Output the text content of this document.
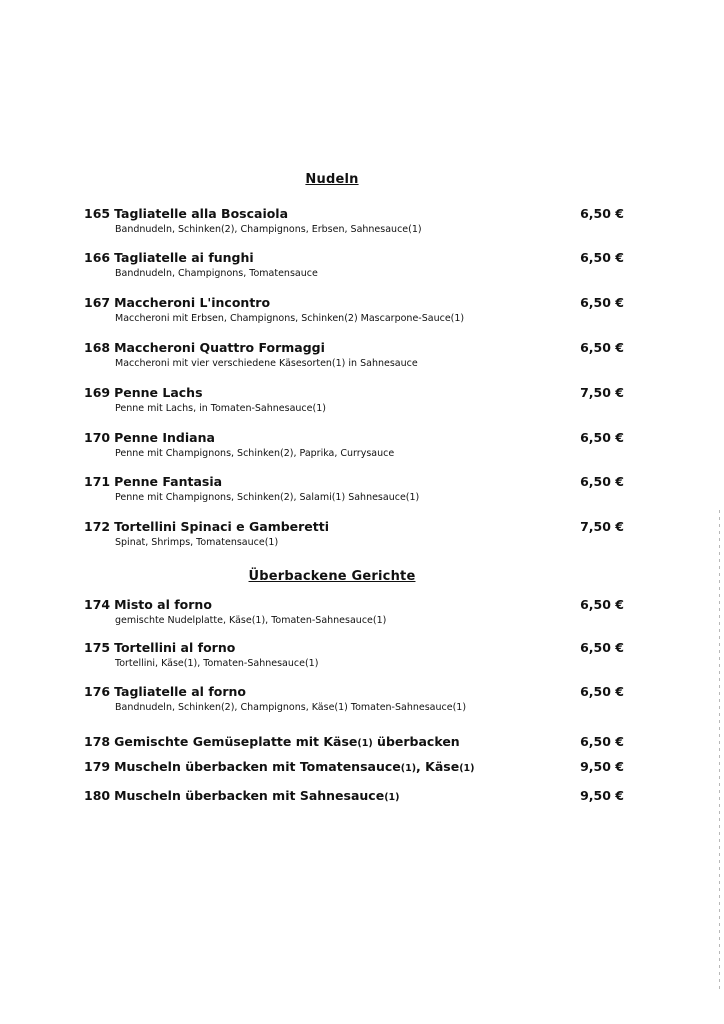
Nudeln
165 Tagliatelle alla Boscaiola	6,50 €
Bandnudeln, Schinken(2), Champignons, Erbsen, Sahnesauce(1)
166 Tagliatelle ai funghi	6,50 €
Bandnudeln, Champignons, Tomatensauce
167 Maccheroni L'incontro	6,50 €
Maccheroni mit Erbsen, Champignons, Schinken(2) Mascarpone-Sauce(1)
168 Maccheroni Quattro Formaggi	6,50 €
Maccheroni mit vier verschiedene Käsesorten(1) in Sahnesauce
169 Penne Lachs	7,50 €
Penne mit Lachs, in Tomaten-Sahnesauce(1)
170 Penne Indiana	6,50 €
Penne mit Champignons, Schinken(2), Paprika, Currysauce
171 Penne Fantasia	6,50 €
Penne mit Champignons, Schinken(2), Salami(1) Sahnesauce(1)
172 Tortellini Spinaci e Gamberetti	7,50 €
Spinat, Shrimps, Tomatensauce(1)
Überbackene Gerichte
174 Misto al forno	6,50 €
gemischte Nudelplatte, Käse(1), Tomaten-Sahnesauce(1)
175 Tortellini al forno	6,50 €
Tortellini, Käse(1), Tomaten-Sahnesauce(1)
176 Tagliatelle al forno	6,50 €
Bandnudeln, Schinken(2), Champignons, Käse(1) Tomaten-Sahnesauce(1)
178 Gemischte Gemüseplatte mit Käse(1) überbacken	6,50 €
179 Muscheln überbacken mit Tomatensauce(1), Käse(1)	9,50 €
180 Muscheln überbacken mit Sahnesauce(1)	9,50 €
